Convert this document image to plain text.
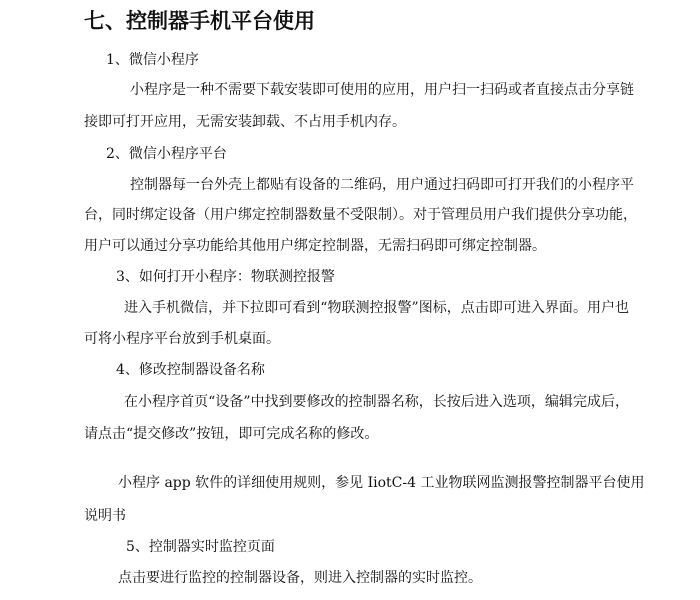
七、控制器手机平台使用
1、微信小程序
小程序是一种不需要下载安装即可使用的应用，用户扫一扫码或者直接点击分享链
接即可打开应用，无需安装卸载、不占用手机内存。
2、微信小程序平台
控制器每一台外壳上都贴有设备的二维码，用户通过扫码即可打开我们的小程序平
台，同时绑定设备（用户绑定控制器数量不受限制）。对于管理员用户我们提供分享功能，
用户可以通过分享功能给其他用户绑定控制器，无需扫码即可绑定控制器。
3、如何打开小程序：物联测控报警
进入手机微信，并下拉即可看到“物联测控报警”图标，点击即可进入界面。用户也
可将小程序平台放到手机桌面。
4、修改控制器设备名称
在小程序首页“设备”中找到要修改的控制器名称，长按后进入选项，编辑完成后，
请点击“提交修改”按钮，即可完成名称的修改。
小程序 app 软件的详细使用规则，参见 IiotC-4 工业物联网监测报警控制器平台使用
说明书
5、控制器实时监控页面
点击要进行监控的控制器设备，则进入控制器的实时监控。
